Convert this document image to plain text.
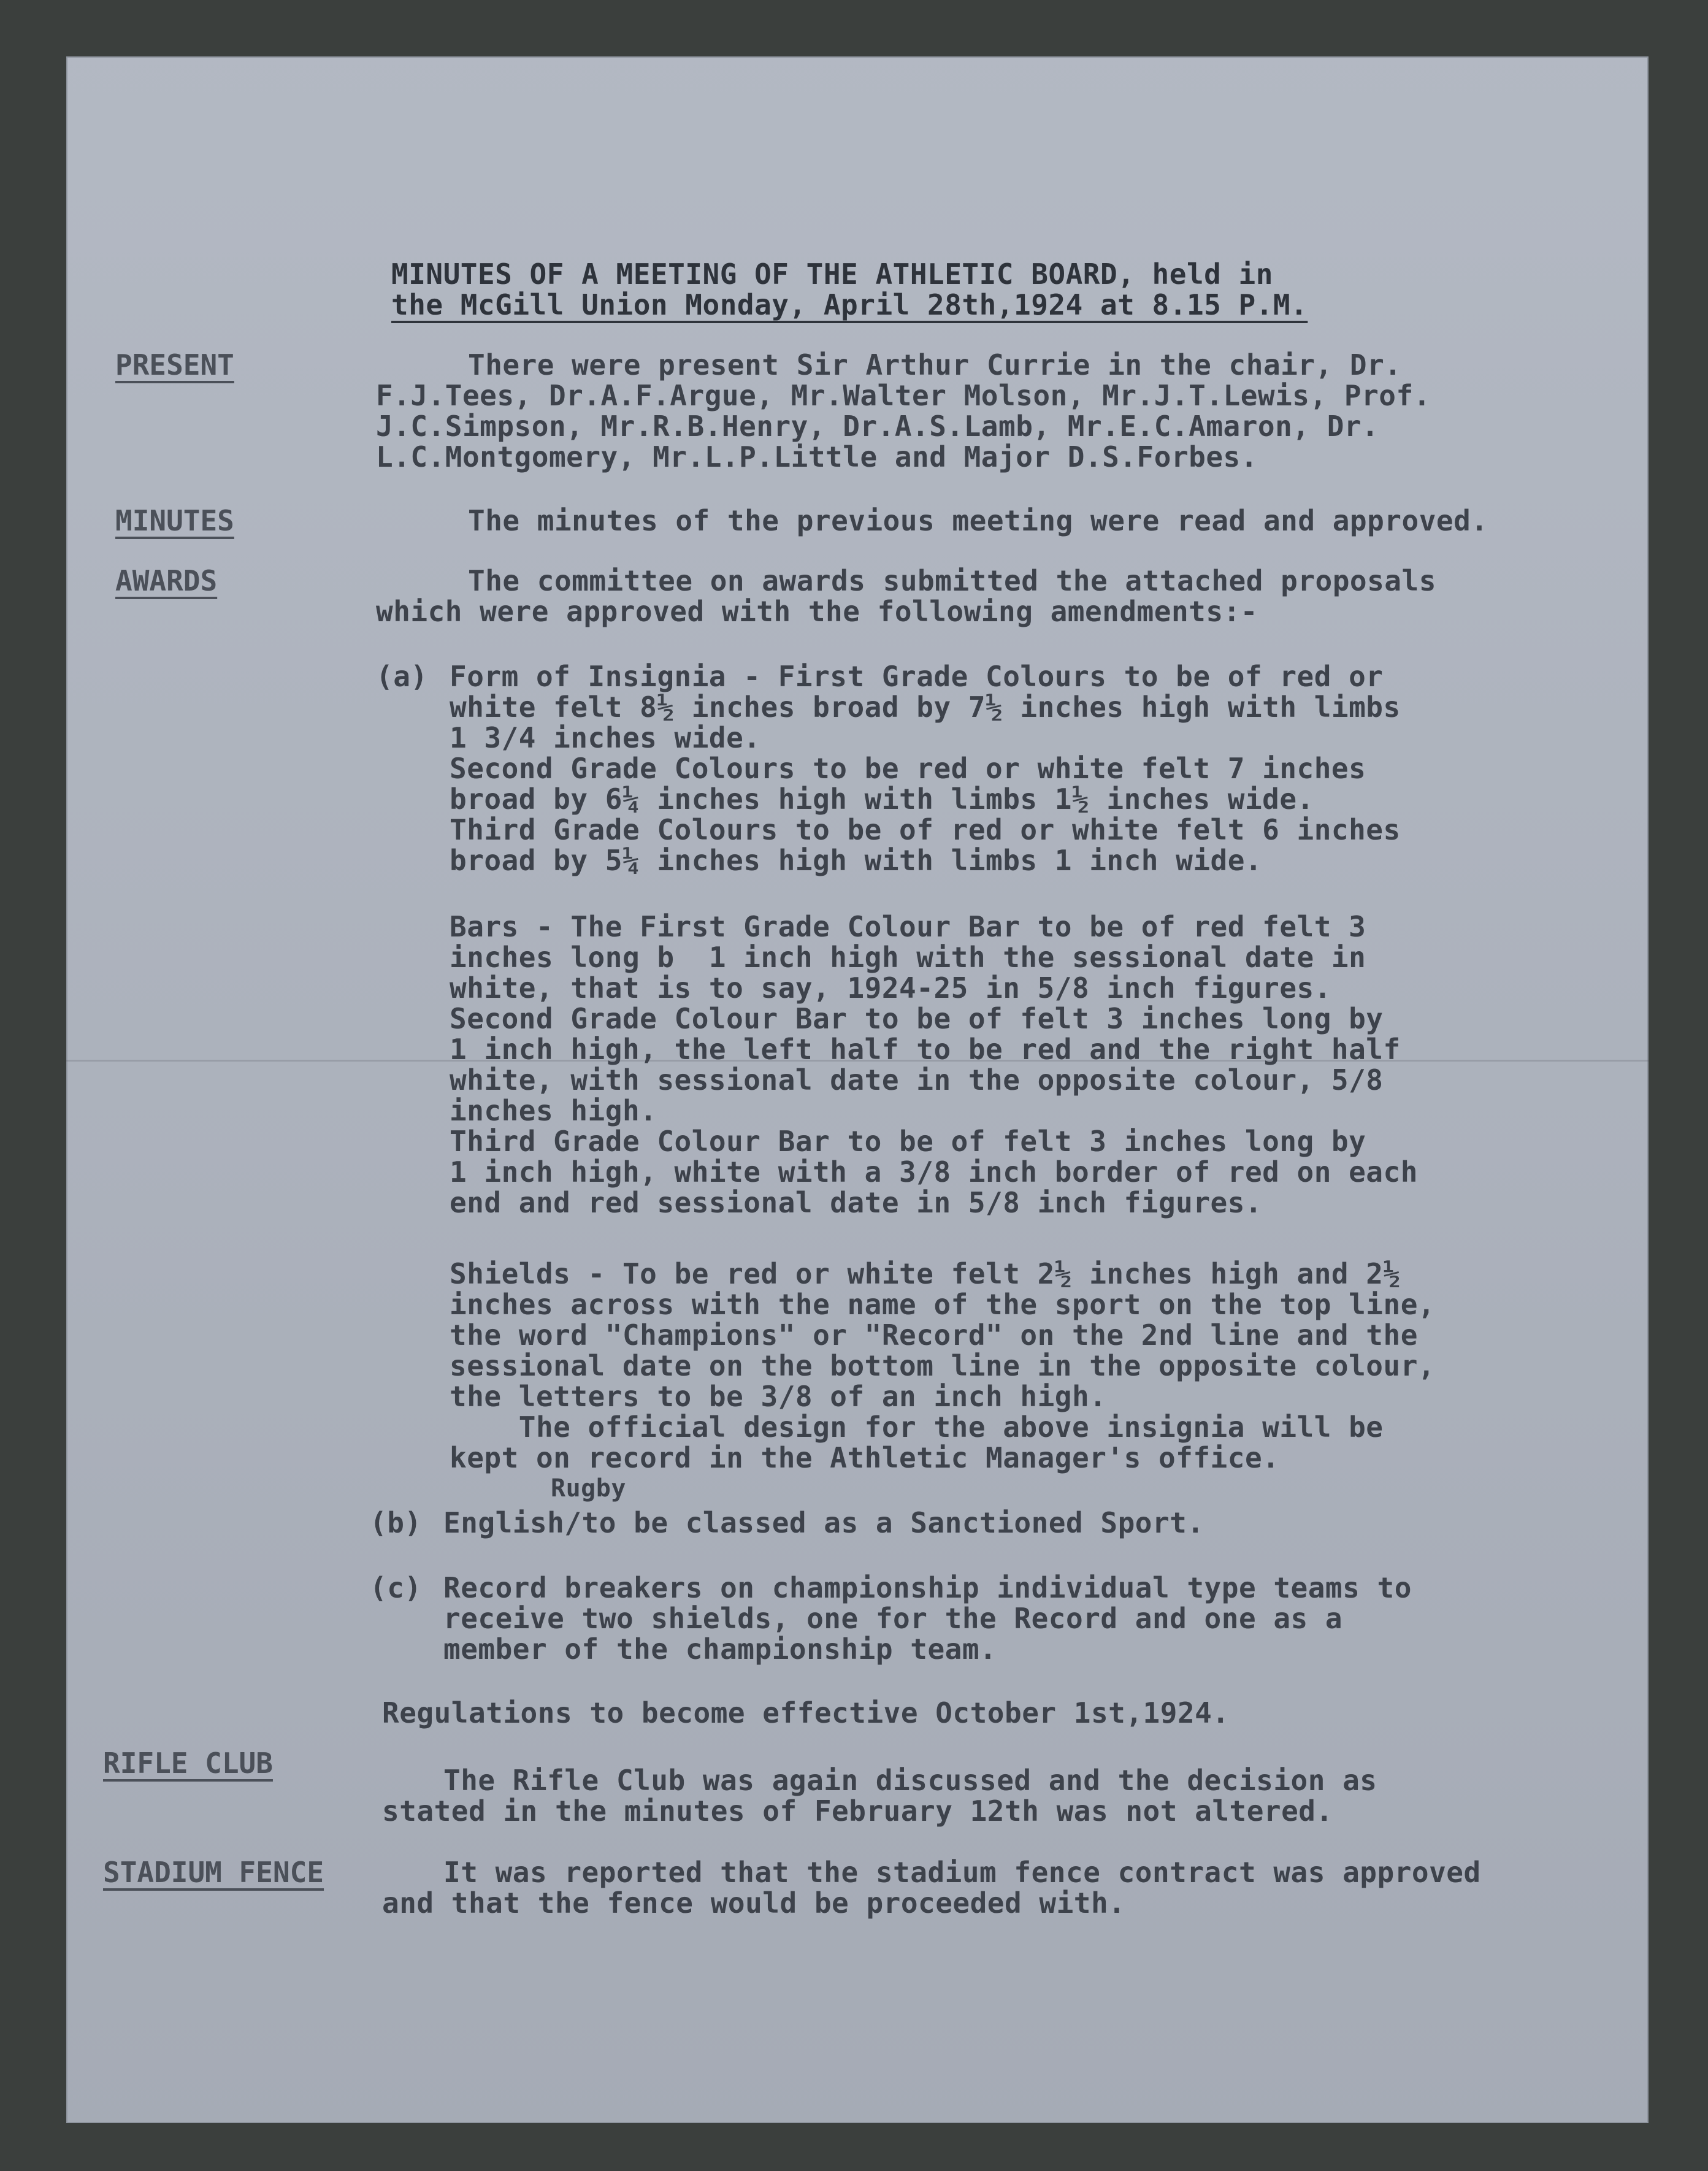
MINUTES OF A MEETING OF THE ATHLETIC BOARD, held in

the McGill Union Monday, April 28th,1924 at 8.15 P.M.

PRESENT
MINUTES
AWARDS
RIFLE CLUB
STADIUM FENCE

There were present Sir Arthur Currie in the chair, Dr.

F.J.Tees, Dr.A.F.Argue, Mr.Walter Molson, Mr.J.T.Lewis, Prof.

J.C.Simpson, Mr.R.B.Henry, Dr.A.S.Lamb, Mr.E.C.Amaron, Dr.

L.C.Montgomery, Mr.L.P.Little and Major D.S.Forbes.

The minutes of the previous meeting were read and approved.

The committee on awards submitted the attached proposals

which were approved with the following amendments:-

(a) Form of Insignia - First Grade Colours to be of red or

white felt 8½ inches broad by 7½ inches high with limbs

1 3/4 inches wide.

Second Grade Colours to be red or white felt 7 inches

broad by 6¼ inches high with limbs 1½ inches wide.

Third Grade Colours to be of red or white felt 6 inches

broad by 5¼ inches high with limbs 1 inch wide.

Bars - The First Grade Colour Bar to be of red felt 3

inches long b  1 inch high with the sessional date in

white, that is to say, 1924-25 in 5/8 inch figures.

Second Grade Colour Bar to be of felt 3 inches long by

1 inch high, the left half to be red and the right half

white, with sessional date in the opposite colour, 5/8

inches high.

Third Grade Colour Bar to be of felt 3 inches long by

1 inch high, white with a 3/8 inch border of red on each

end and red sessional date in 5/8 inch figures.

Shields - To be red or white felt 2½ inches high and 2½

inches across with the name of the sport on the top line,

the word "Champions" or "Record" on the 2nd line and the

sessional date on the bottom line in the opposite colour,

the letters to be 3/8 of an inch high.

The official design for the above insignia will be

kept on record in the Athletic Manager's office.

Rugby

(b) English/to be classed as a Sanctioned Sport.

(c) Record breakers on championship individual type teams to

receive two shields, one for the Record and one as a

member of the championship team.

Regulations to become effective October 1st,1924.

The Rifle Club was again discussed and the decision as

stated in the minutes of February 12th was not altered.

It was reported that the stadium fence contract was approved

and that the fence would be proceeded with.
